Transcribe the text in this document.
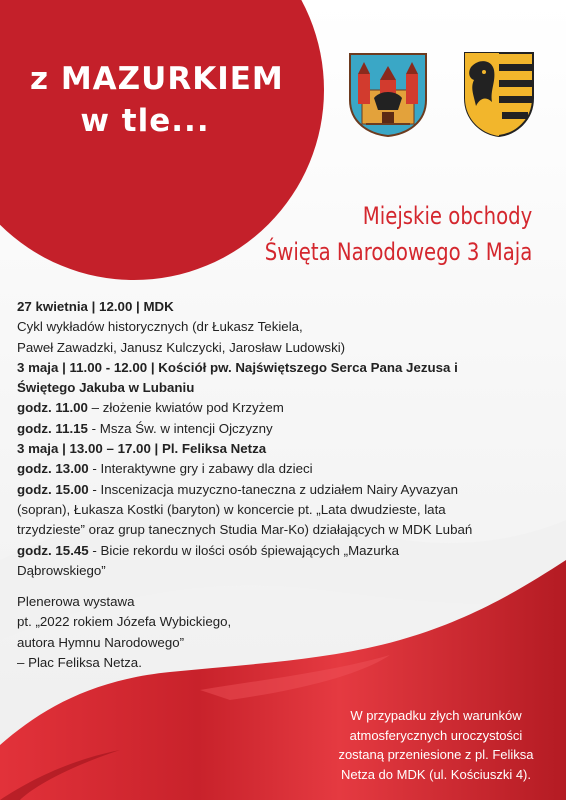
z MAZURKIEM
w tle...
Miejskie obchody
Święta Narodowego 3 Maja
27 kwietnia | 12.00 | MDK
Cykl wykładów historycznych (dr Łukasz Tekiela,
Paweł Zawadzki, Janusz Kulczycki, Jarosław Ludowski)
3 maja | 11.00 - 12.00 | Kościół pw. Najświętszego Serca Pana Jezusa i
Świętego Jakuba w Lubaniu
godz. 11.00 – złożenie kwiatów pod Krzyżem
godz. 11.15 - Msza Św. w intencji Ojczyzny
3 maja | 13.00 – 17.00 | Pl. Feliksa Netza
godz. 13.00 - Interaktywne gry i zabawy dla dzieci
godz. 15.00 - Inscenizacja muzyczno-taneczna z udziałem Nairy Ayvazyan
(sopran), Łukasza Kostki (baryton) w koncercie pt. „Lata dwudzieste, lata
trzydzieste” oraz grup tanecznych Studia Mar-Ko) działających w MDK Lubań
godz. 15.45 - Bicie rekordu w ilości osób śpiewających „Mazurka
Dąbrowskiego”
Plenerowa wystawa
pt. „2022 rokiem Józefa Wybickiego,
autora Hymnu Narodowego”
– Plac Feliksa Netza.
W przypadku złych warunków
atmosferycznych uroczystości
zostaną przeniesione z pl. Feliksa
Netza do MDK (ul. Kościuszki 4).
